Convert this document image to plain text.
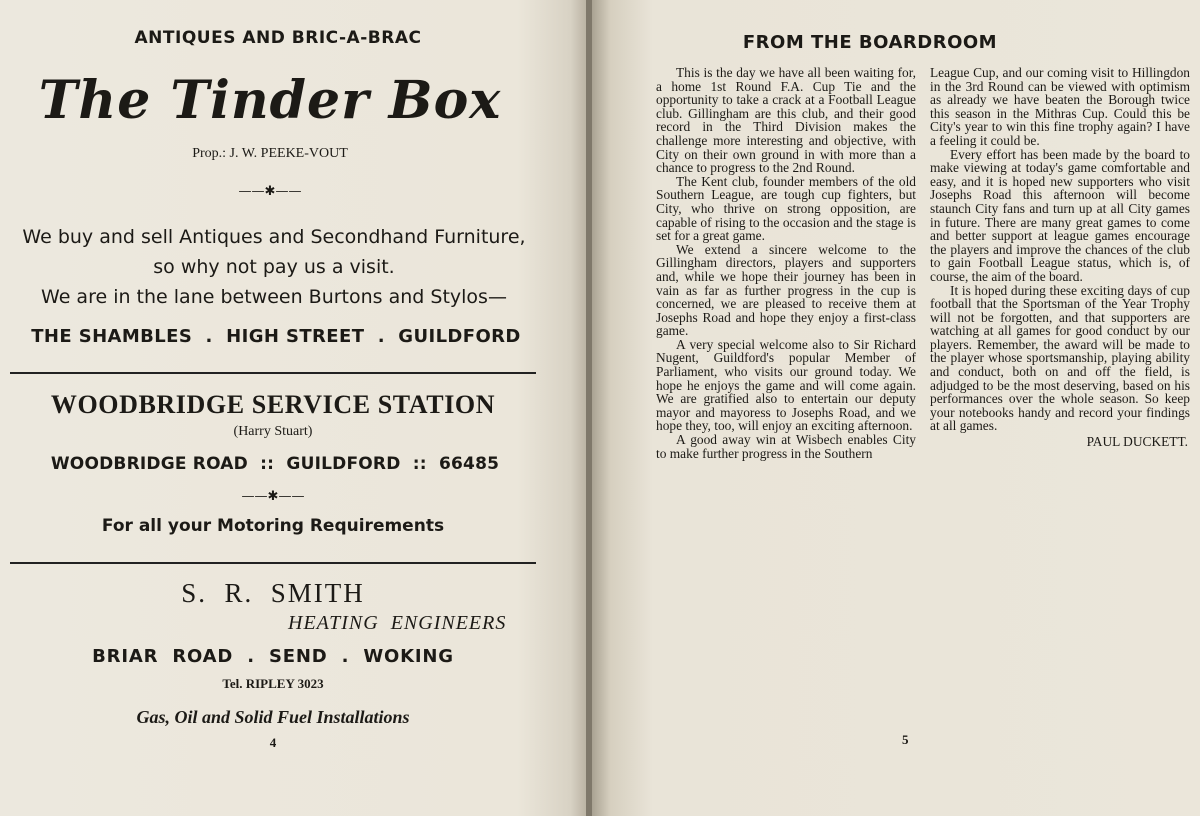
ANTIQUES AND BRIC-A-BRAC
The Tinder Box
Prop.: J. W. PEEKE-VOUT
——✱——
We buy and sell Antiques and Secondhand Furniture,
so why not pay us a visit.
We are in the lane between Burtons and Stylos—
THE SHAMBLES  .  HIGH STREET  .  GUILDFORD
WOODBRIDGE SERVICE STATION
(Harry Stuart)
WOODBRIDGE ROAD  ::  GUILDFORD  ::  66485
——✱——
For all your Motoring Requirements
S.  R.  SMITH
HEATING  ENGINEERS
BRIAR  ROAD  .  SEND  .  WOKING
Tel. RIPLEY 3023
Gas, Oil and Solid Fuel Installations
4
FROM THE BOARDROOM

This is the day we have all been waiting for, a home 1st Round F.A. Cup Tie and the opportunity to take a crack at a Football League club. Gillingham are this club, and their good record in the Third Division makes the challenge more interesting and objective, with City on their own ground in with more than a chance to progress to the 2nd Round.

The Kent club, founder members of the old Southern League, are tough cup fighters, but City, who thrive on strong opposition, are capable of rising to the occasion and the stage is set for a great game.

We extend a sincere welcome to the Gillingham directors, players and supporters and, while we hope their journey has been in vain as far as further progress in the cup is concerned, we are pleased to receive them at Josephs Road and hope they enjoy a first-class game.

A very special welcome also to Sir Richard Nugent, Guildford's popular Member of Parliament, who visits our ground today. We hope he enjoys the game and will come again. We are gratified also to entertain our deputy mayor and mayoress to Josephs Road, and we hope they, too, will enjoy an exciting afternoon.

A good away win at Wisbech enables City to make further progress in the Southern

League Cup, and our coming visit to Hillingdon in the 3rd Round can be viewed with optimism as already we have beaten the Borough twice this season in the Mithras Cup. Could this be City's year to win this fine trophy again? I have a feeling it could be.

Every effort has been made by the board to make viewing at today's game comfortable and easy, and it is hoped new supporters who visit Josephs Road this afternoon will become staunch City fans and turn up at all City games in future. There are many great games to come and better support at league games encourage the players and improve the chances of the club to gain Football League status, which is, of course, the aim of the board.

It is hoped during these exciting days of cup football that the Sportsman of the Year Trophy will not be forgotten, and that supporters are watching at all games for good conduct by our players. Remember, the award will be made to the player whose sportsmanship, playing ability and conduct, both on and off the field, is adjudged to be the most deserving, based on his performances over the whole season. So keep your notebooks handy and record your findings at all games.

PAUL DUCKETT.
5
